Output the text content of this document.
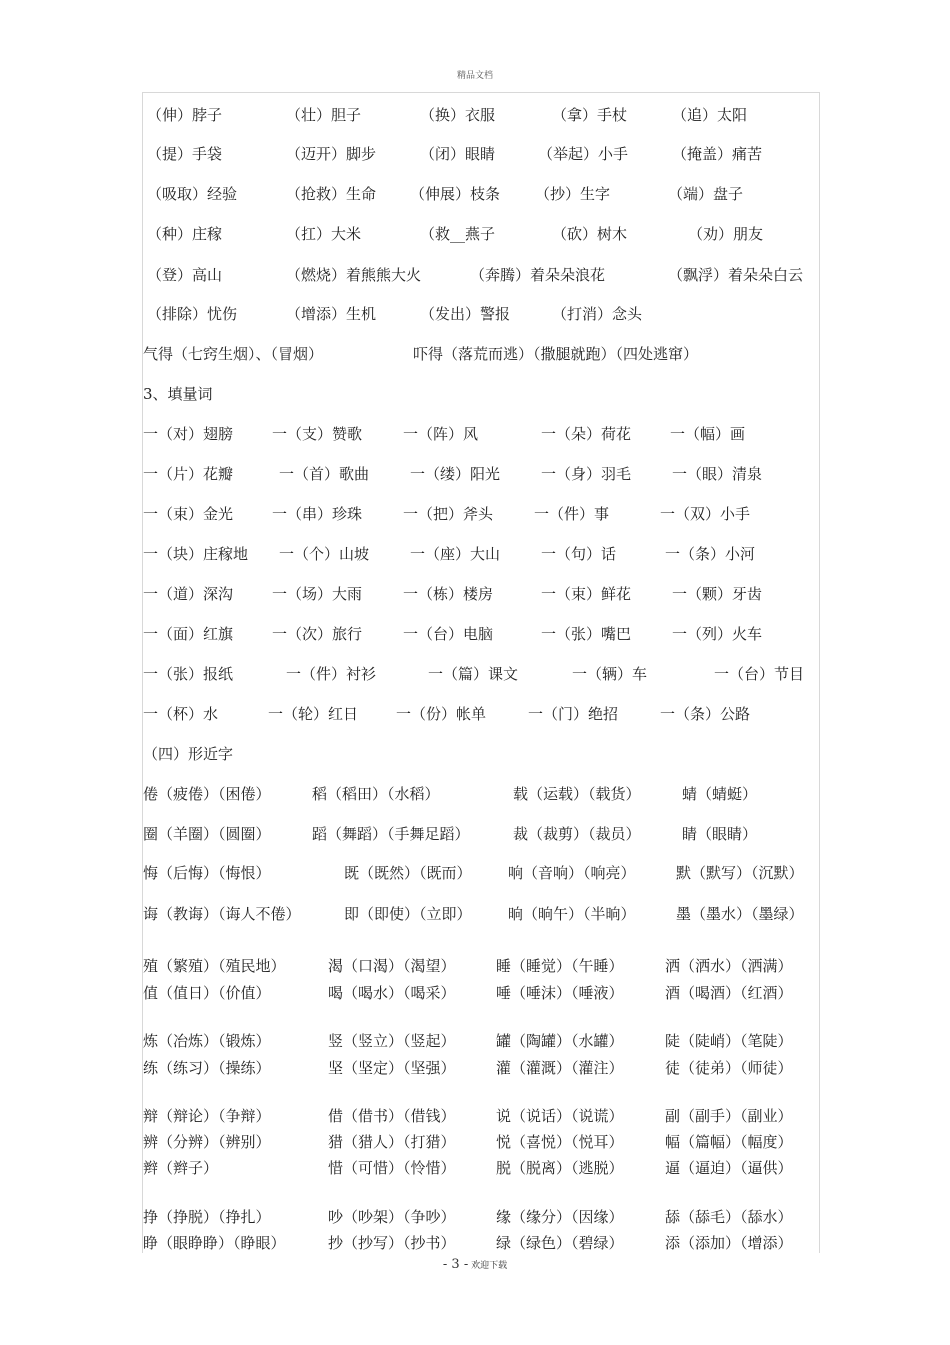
精品文档
（伸）脖子	（壮）胆子	（换）衣服	（拿）手杖	（追）太阳
（提）手袋	（迈开）脚步	（闭）眼睛	（举起）小手	（掩盖）痛苦
（吸取）经验	（抢救）生命 （伸展）枝条 （抄）生字	（端）盘子
（种）庄稼	（扛）大米	（救__燕子	（砍）树木	（劝）朋友
（登）高山	（燃烧）着熊熊大火	（奔腾）着朵朵浪花	（飘浮）着朵朵白云
（排除）忧伤	（增添）生机	（发出）警报	（打消）念头
气得（七窍生烟）、（冒烟）	吓得（落荒而逃）（撒腿就跑）（四处逃窜）
3、填量词
一（对）翅膀	一（支）赞歌	一（阵）风	一（朵）荷花	一（幅）画
一（片）花瓣	一（首）歌曲	一（缕）阳光	一（身）羽毛	一（眼）清泉
一（束）金光	一（串）珍珠	一（把）斧头	一（件）事	一（双）小手
一（块）庄稼地 一（个）山坡	一（座）大山	一（句）话	一（条）小河
一（道）深沟	一（场）大雨	一（栋）楼房	一（束）鲜花	一（颗）牙齿
一（面）红旗	一（次）旅行	一（台）电脑	一（张）嘴巴	一（列）火车
一（张）报纸	一（件）衬衫	一（篇）课文	一（辆）车	一（台）节目
一（杯）水	一（轮）红日	一（份）帐单	一（门）绝招	一（条）公路
（四）形近字
倦（疲倦）（困倦）	稻（稻田）（水稻）	载（运载）（载货）	蜻（蜻蜓）
圈（羊圈）（圆圈）	蹈（舞蹈）（手舞足蹈）	裁（裁剪）（裁员）	睛（眼睛）
悔（后悔）（悔恨）	既（既然）（既而） 响（音响）（响亮）	默（默写）（沉默）
诲（教诲）（诲人不倦）	即（即使）（立即） 晌（晌午）（半晌）	墨（墨水）（墨绿）
殖（繁殖）（殖民地）	渴（口渴）（渴望）	睡（睡觉）（午睡）	洒（洒水）（洒满）
值（值日）（价值）	喝（喝水）（喝采）	唾（唾沫）（唾液）	酒（喝酒）（红酒）
炼（冶炼）（锻炼）	竖（竖立）（竖起）	罐（陶罐）（水罐）	陡（陡峭）（笔陡）
练（练习）（操练）	坚（坚定）（坚强）	灌（灌溉）（灌注）	徒（徒弟）（师徒）
辩（辩论）（争辩）	借（借书）（借钱）	说（说话）（说谎）	副（副手）（副业）
辨（分辨）（辨别）	猎（猎人）（打猎）	悦（喜悦）（悦耳）	幅（篇幅）（幅度）
辫（辫子）	惜（可惜）（怜惜）	脱（脱离）（逃脱）	逼（逼迫）（逼供）
挣（挣脱）（挣扎）	吵（吵架）（争吵）	缘（缘分）（因缘）	舔（舔毛）（舔水）
睁（眼睁睁）（睁眼）	抄（抄写）（抄书）	绿（绿色）（碧绿）	添（添加）（增添）
- 3 - 欢迎下载
